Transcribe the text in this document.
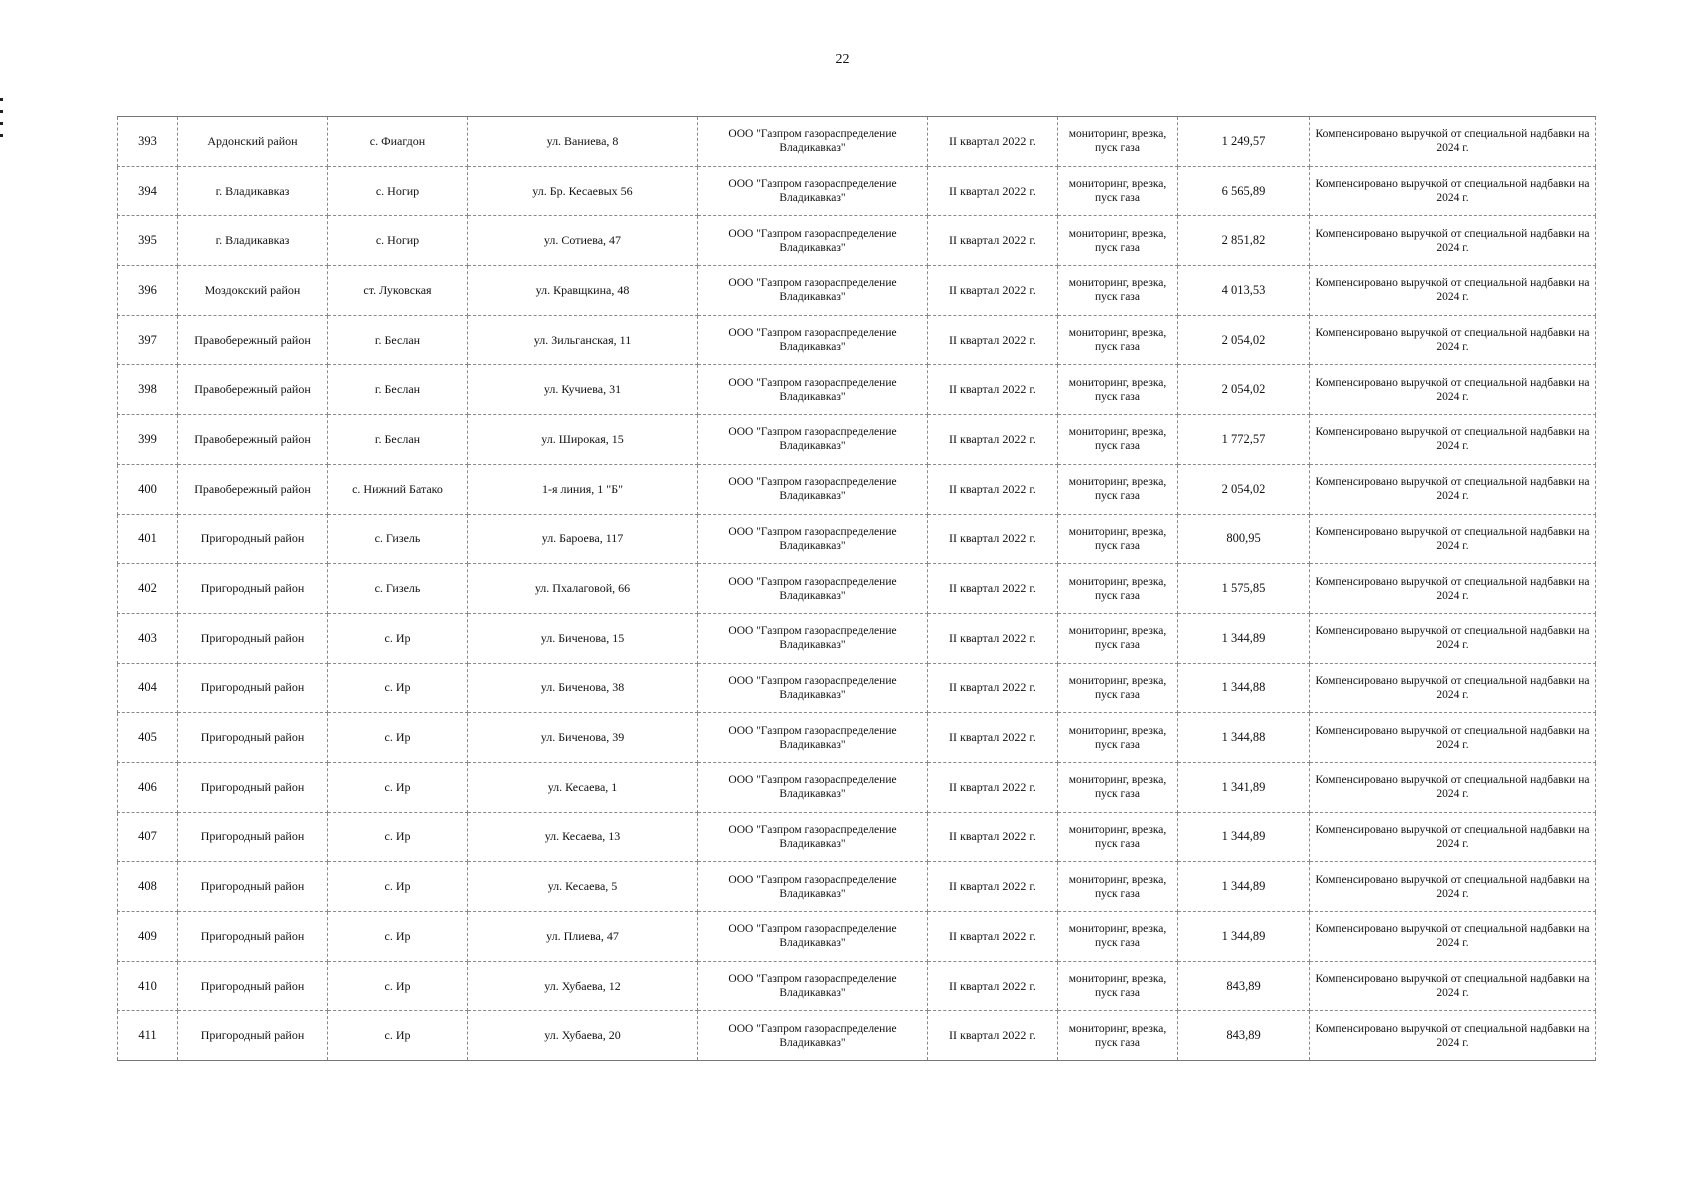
22
393	Ардонский район	с. Фиагдон	ул. Ваниева, 8	ООО "Газпром газораспределение Владикавказ"	II квартал 2022 г.	мониторинг, врезка, пуск газа	1 249,57	Компенсировано выручкой от специальной надбавки на 2024 г.
394	г. Владикавказ	с. Ногир	ул. Бр. Кесаевых 56	ООО "Газпром газораспределение Владикавказ"	II квартал 2022 г.	мониторинг, врезка, пуск газа	6 565,89	Компенсировано выручкой от специальной надбавки на 2024 г.
395	г. Владикавказ	с. Ногир	ул. Сотиева, 47	ООО "Газпром газораспределение Владикавказ"	II квартал 2022 г.	мониторинг, врезка, пуск газа	2 851,82	Компенсировано выручкой от специальной надбавки на 2024 г.
396	Моздокский район	ст. Луковская	ул. Кравщкина, 48	ООО "Газпром газораспределение Владикавказ"	II квартал 2022 г.	мониторинг, врезка, пуск газа	4 013,53	Компенсировано выручкой от специальной надбавки на 2024 г.
397	Правобережный район	г. Беслан	ул. Зильганская, 11	ООО "Газпром газораспределение Владикавказ"	II квартал 2022 г.	мониторинг, врезка, пуск газа	2 054,02	Компенсировано выручкой от специальной надбавки на 2024 г.
398	Правобережный район	г. Беслан	ул. Кучиева, 31	ООО "Газпром газораспределение Владикавказ"	II квартал 2022 г.	мониторинг, врезка, пуск газа	2 054,02	Компенсировано выручкой от специальной надбавки на 2024 г.
399	Правобережный район	г. Беслан	ул. Широкая, 15	ООО "Газпром газораспределение Владикавказ"	II квартал 2022 г.	мониторинг, врезка, пуск газа	1 772,57	Компенсировано выручкой от специальной надбавки на 2024 г.
400	Правобережный район	с. Нижний Батако	1-я линия, 1 "Б"	ООО "Газпром газораспределение Владикавказ"	II квартал 2022 г.	мониторинг, врезка, пуск газа	2 054,02	Компенсировано выручкой от специальной надбавки на 2024 г.
401	Пригородный район	с. Гизель	ул. Бароева, 117	ООО "Газпром газораспределение Владикавказ"	II квартал 2022 г.	мониторинг, врезка, пуск газа	800,95	Компенсировано выручкой от специальной надбавки на 2024 г.
402	Пригородный район	с. Гизель	ул. Пхалаговой, 66	ООО "Газпром газораспределение Владикавказ"	II квартал 2022 г.	мониторинг, врезка, пуск газа	1 575,85	Компенсировано выручкой от специальной надбавки на 2024 г.
403	Пригородный район	с. Ир	ул. Биченова, 15	ООО "Газпром газораспределение Владикавказ"	II квартал 2022 г.	мониторинг, врезка, пуск газа	1 344,89	Компенсировано выручкой от специальной надбавки на 2024 г.
404	Пригородный район	с. Ир	ул. Биченова, 38	ООО "Газпром газораспределение Владикавказ"	II квартал 2022 г.	мониторинг, врезка, пуск газа	1 344,88	Компенсировано выручкой от специальной надбавки на 2024 г.
405	Пригородный район	с. Ир	ул. Биченова, 39	ООО "Газпром газораспределение Владикавказ"	II квартал 2022 г.	мониторинг, врезка, пуск газа	1 344,88	Компенсировано выручкой от специальной надбавки на 2024 г.
406	Пригородный район	с. Ир	ул. Кесаева, 1	ООО "Газпром газораспределение Владикавказ"	II квартал 2022 г.	мониторинг, врезка, пуск газа	1 341,89	Компенсировано выручкой от специальной надбавки на 2024 г.
407	Пригородный район	с. Ир	ул. Кесаева, 13	ООО "Газпром газораспределение Владикавказ"	II квартал 2022 г.	мониторинг, врезка, пуск газа	1 344,89	Компенсировано выручкой от специальной надбавки на 2024 г.
408	Пригородный район	с. Ир	ул. Кесаева, 5	ООО "Газпром газораспределение Владикавказ"	II квартал 2022 г.	мониторинг, врезка, пуск газа	1 344,89	Компенсировано выручкой от специальной надбавки на 2024 г.
409	Пригородный район	с. Ир	ул. Плиева, 47	ООО "Газпром газораспределение Владикавказ"	II квартал 2022 г.	мониторинг, врезка, пуск газа	1 344,89	Компенсировано выручкой от специальной надбавки на 2024 г.
410	Пригородный район	с. Ир	ул. Хубаева, 12	ООО "Газпром газораспределение Владикавказ"	II квартал 2022 г.	мониторинг, врезка, пуск газа	843,89	Компенсировано выручкой от специальной надбавки на 2024 г.
411	Пригородный район	с. Ир	ул. Хубаева, 20	ООО "Газпром газораспределение Владикавказ"	II квартал 2022 г.	мониторинг, врезка, пуск газа	843,89	Компенсировано выручкой от специальной надбавки на 2024 г.
